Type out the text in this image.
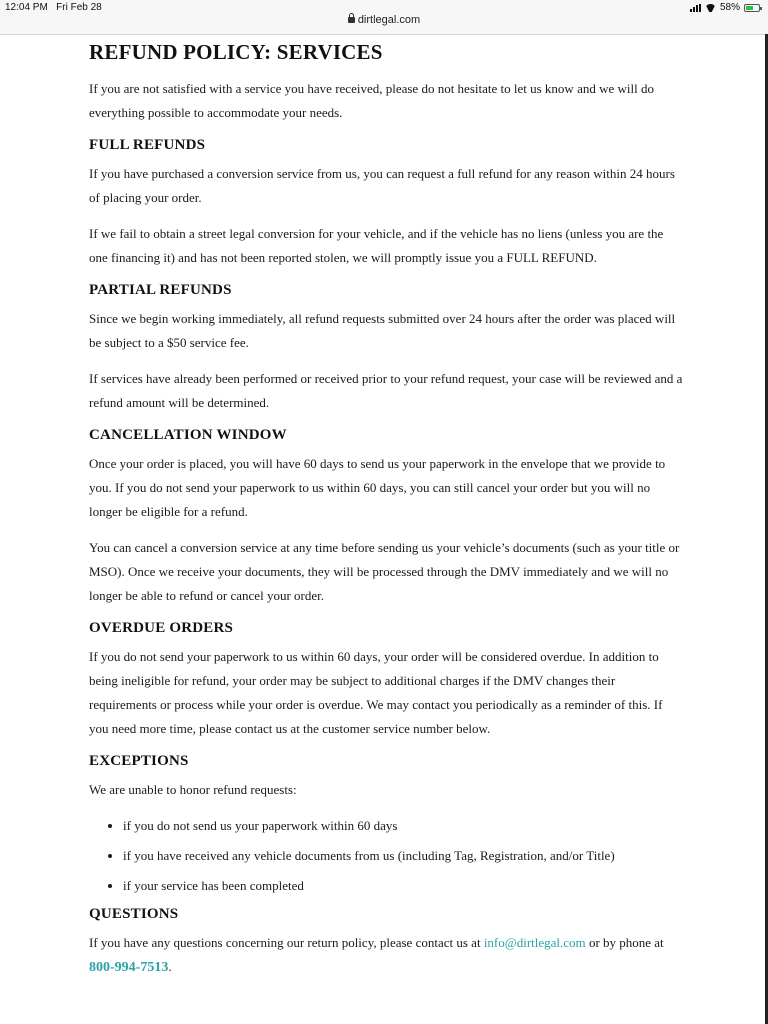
12:04 PM Fri Feb 28	58%
dirtlegal.com
REFUND POLICY: SERVICES

If you are not satisfied with a service you have received, please do not hesitate to let us know and we will do everything possible to accommodate your needs.

FULL REFUNDS

If you have purchased a conversion service from us, you can request a full refund for any reason within 24 hours of placing your order.

If we fail to obtain a street legal conversion for your vehicle, and if the vehicle has no liens (unless you are the one financing it) and has not been reported stolen, we will promptly issue you a FULL REFUND.

PARTIAL REFUNDS

Since we begin working immediately, all refund requests submitted over 24 hours after the order was placed will be subject to a $50 service fee.

If services have already been performed or received prior to your refund request, your case will be reviewed and a refund amount will be determined.

CANCELLATION WINDOW

Once your order is placed, you will have 60 days to send us your paperwork in the envelope that we provide to you. If you do not send your paperwork to us within 60 days, you can still cancel your order but you will no longer be eligible for a refund.

You can cancel a conversion service at any time before sending us your vehicle’s documents (such as your title or MSO). Once we receive your documents, they will be processed through the DMV immediately and we will no longer be able to refund or cancel your order.

OVERDUE ORDERS

If you do not send your paperwork to us within 60 days, your order will be considered overdue. In addition to being ineligible for refund, your order may be subject to additional charges if the DMV changes their requirements or process while your order is overdue. We may contact you periodically as a reminder of this. If you need more time, please contact us at the customer service number below.

EXCEPTIONS

We are unable to honor refund requests:

• if you do not send us your paperwork within 60 days
• if you have received any vehicle documents from us (including Tag, Registration, and/or Title)
• if your service has been completed
QUESTIONS

If you have any questions concerning our return policy, please contact us at info@dirtlegal.com or by phone at 800-994-7513.
